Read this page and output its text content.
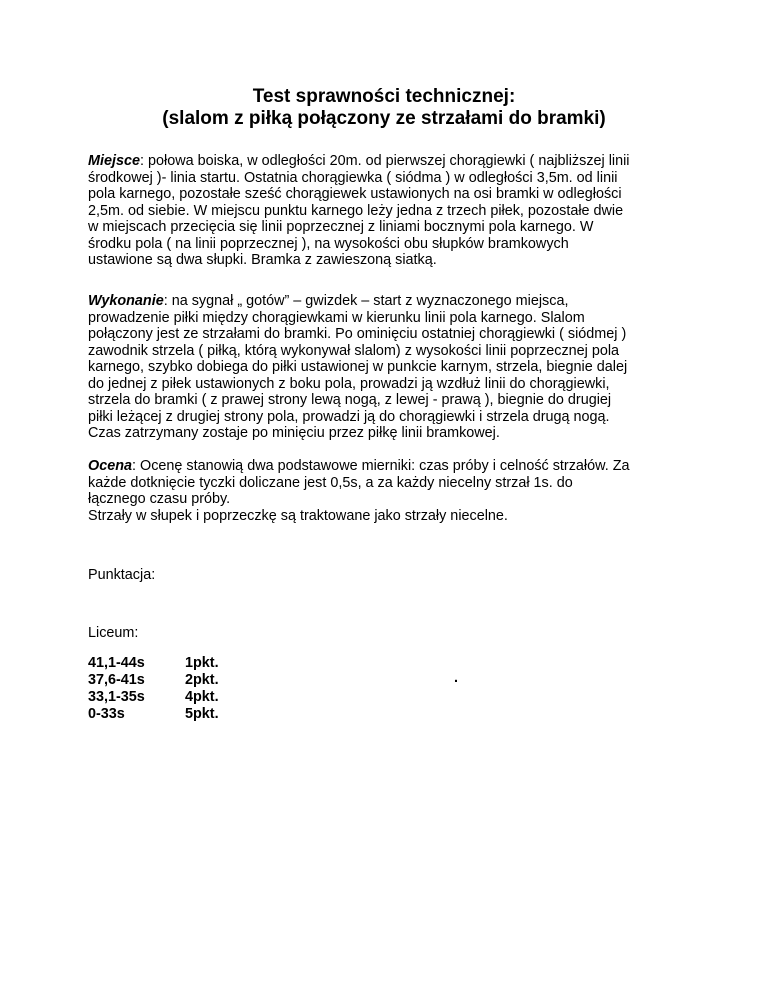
Test sprawności technicznej:
(slalom z piłką połączony ze strzałami do bramki)
Miejsce: połowa boiska, w odległości 20m. od pierwszej chorągiewki ( najbliższej linii
środkowej )- linia startu. Ostatnia chorągiewka ( siódma ) w odległości 3,5m. od linii
pola karnego, pozostałe sześć chorągiewek ustawionych na osi bramki w odległości
2,5m. od siebie. W miejscu punktu karnego leży jedna z trzech piłek, pozostałe dwie
w miejscach przecięcia się linii poprzecznej z liniami bocznymi pola karnego. W
środku pola ( na linii poprzecznej ), na wysokości obu słupków bramkowych
ustawione są dwa słupki. Bramka z zawieszoną siatką.
Wykonanie: na sygnał „ gotów” – gwizdek – start z wyznaczonego miejsca,
prowadzenie piłki między chorągiewkami w kierunku linii pola karnego. Slalom
połączony jest ze strzałami do bramki. Po ominięciu ostatniej chorągiewki ( siódmej )
zawodnik strzela ( piłką, którą wykonywał slalom) z wysokości linii poprzecznej pola
karnego, szybko dobiega do piłki ustawionej w punkcie karnym, strzela, biegnie dalej
do jednej z piłek ustawionych z boku pola, prowadzi ją wzdłuż linii do chorągiewki,
strzela do bramki ( z prawej strony lewą nogą, z lewej - prawą ), biegnie do drugiej
piłki leżącej z drugiej strony pola, prowadzi ją do chorągiewki i strzela drugą nogą.
Czas zatrzymany zostaje po minięciu przez piłkę linii bramkowej.
Ocena: Ocenę stanowią dwa podstawowe mierniki: czas próby i celność strzałów. Za
każde dotknięcie tyczki doliczane jest 0,5s, a za każdy niecelny strzał 1s. do
łącznego czasu próby.
Strzały w słupek i poprzeczkę są traktowane jako strzały niecelne.
Punktacja:
Liceum:
41,1-44s	1pkt.
37,6-41s	2pkt.
33,1-35s	4pkt.
0-33s	5pkt.
.
